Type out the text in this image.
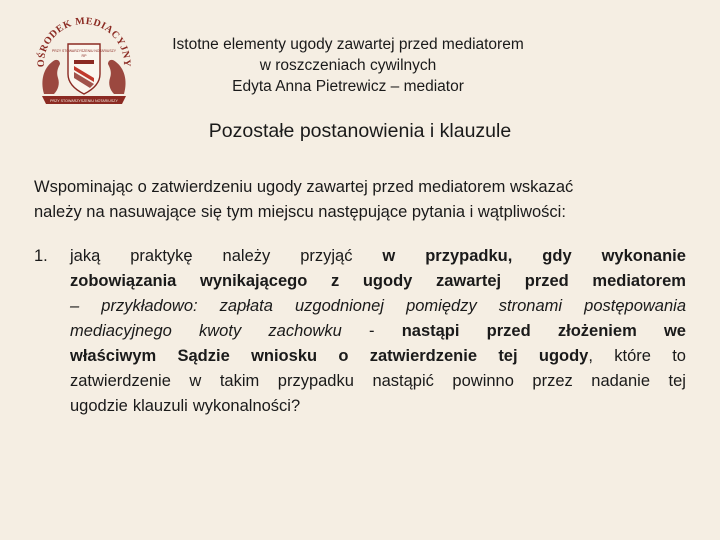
OŚRODEK MEDIACYJNY
PRZY STOWARZYSZENIU NOTARIUSZY
RP
PRZY STOWARZYSZENIU NOTARIUSZY
Istotne elementy ugody zawartej przed mediatorem
w roszczeniach cywilnych
Edyta Anna Pietrewicz – mediator
Pozostałe postanowienia i klauzule
Wspominając o zatwierdzeniu ugody zawartej przed mediatorem wskazać
należy na nasuwające się tym miejscu następujące pytania i wątpliwości:
1. jaką praktykę należy przyjąć w przypadku, gdy wykonanie
zobowiązania wynikającego z ugody zawartej przed mediatorem
– przykładowo: zapłata uzgodnionej pomiędzy stronami postępowania
mediacyjnego kwoty zachowku - nastąpi przed złożeniem we
właściwym Sądzie wniosku o zatwierdzenie tej ugody, które to
zatwierdzenie w takim przypadku nastąpić powinno przez nadanie tej
ugodzie klauzuli wykonalności?
